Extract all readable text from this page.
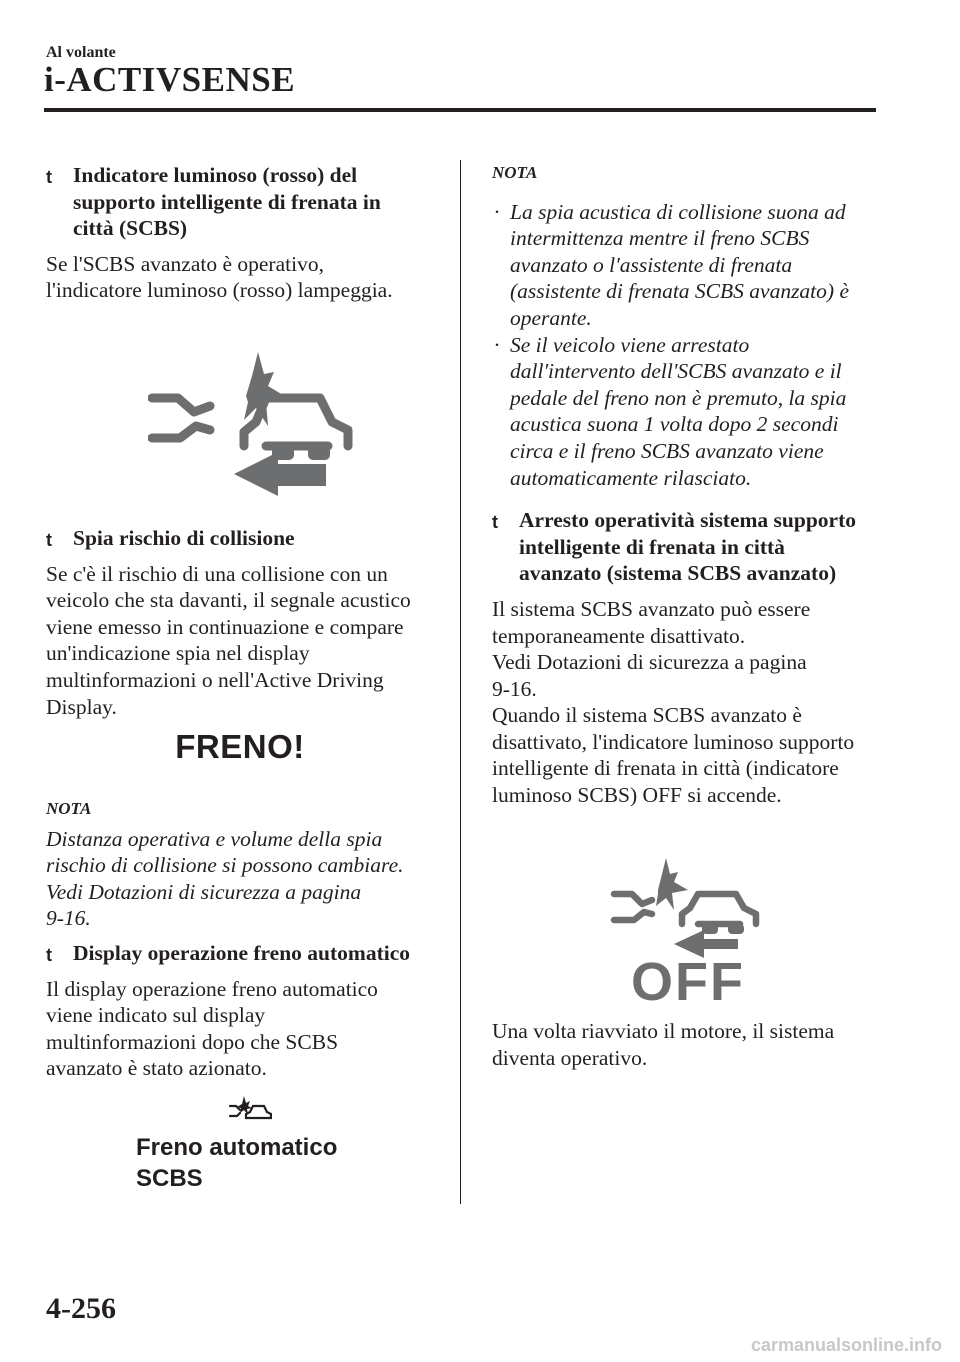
Al volante
i-ACTIVSENSE
t Indicatore luminoso (rosso) del

supporto intelligente di frenata in

città (SCBS)

Se l'SCBS avanzato è operativo,

l'indicatore luminoso (rosso) lampeggia.

t Spia rischio di collisione

Se c'è il rischio di una collisione con un

veicolo che sta davanti, il segnale acustico

viene emesso in continuazione e compare

un'indicazione spia nel display

multinformazioni o nell'Active Driving

Display.

FRENO!

NOTA

Distanza operativa e volume della spia

rischio di collisione si possono cambiare.

Vedi Dotazioni di sicurezza a pagina

9-16.

t Display operazione freno automatico

Il display operazione freno automatico

viene indicato sul display

multinformazioni dopo che SCBS

avanzato è stato azionato.

Freno automatico
SCBS

NOTA

· La spia acustica di collisione suona ad

intermittenza mentre il freno SCBS

avanzato o l'assistente di frenata

(assistente di frenata SCBS avanzato) è

operante.

· Se il veicolo viene arrestato

dall'intervento dell'SCBS avanzato e il

pedale del freno non è premuto, la spia

acustica suona 1 volta dopo 2 secondi

circa e il freno SCBS avanzato viene

automaticamente rilasciato.

t Arresto operatività sistema supporto

intelligente di frenata in città

avanzato (sistema SCBS avanzato)

Il sistema SCBS avanzato può essere

temporaneamente disattivato.

Vedi Dotazioni di sicurezza a pagina

9-16.

Quando il sistema SCBS avanzato è

disattivato, l'indicatore luminoso supporto

intelligente di frenata in città (indicatore

luminoso SCBS) OFF si accende.

OFF

Una volta riavviato il motore, il sistema

diventa operativo.

4-256
carmanualsonline.info
